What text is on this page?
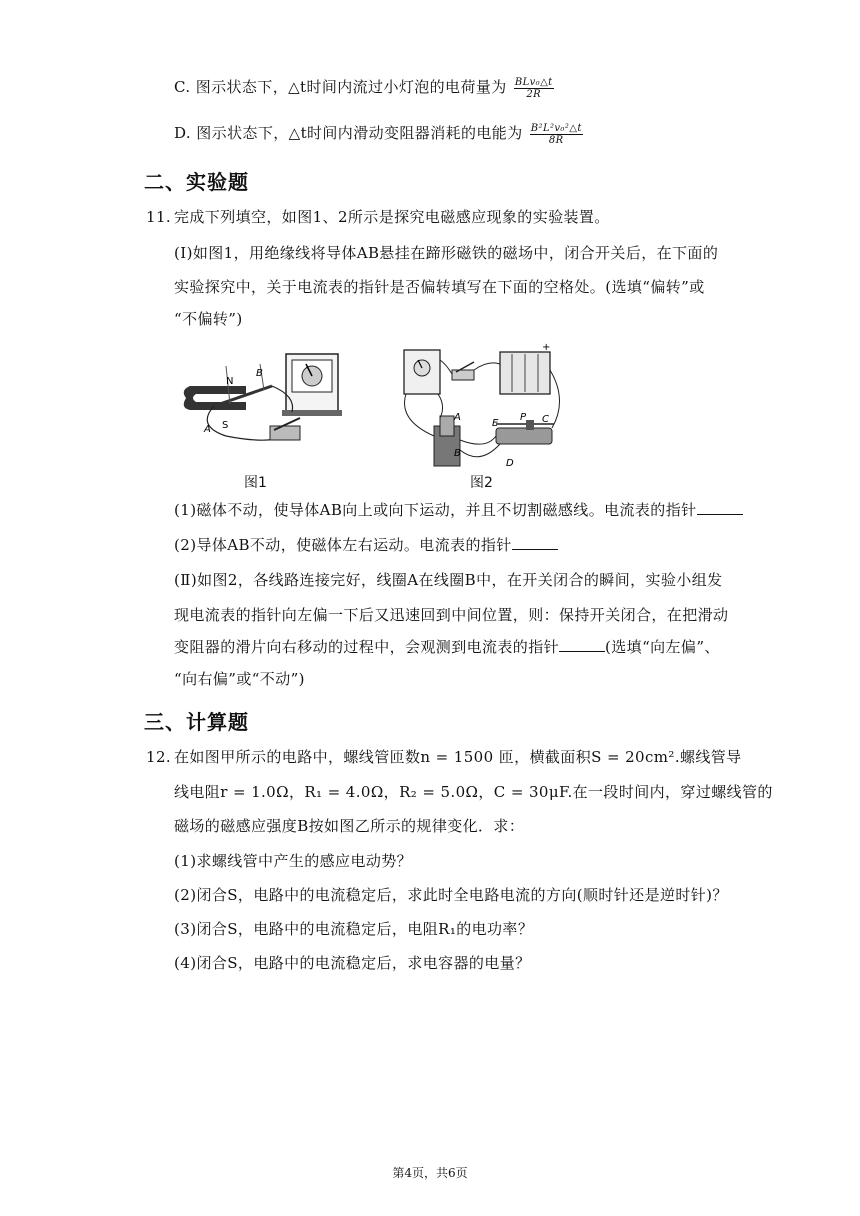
C. 图示状态下，△t时间内流过小灯泡的电荷量为 $\frac{\text{BLv₀△t}}{2R}$
D. 图示状态下，△t时间内滑动变阻器消耗的电能为 $\frac{\text{B²L²v₀²△t}}{8R}$
二、实验题
11. 完成下列填空，如图1、2所示是探究电磁感应现象的实验装置。
(Ⅰ)如图1，用绝缘线将导体AB悬挂在蹄形磁铁的磁场中，闭合开关后，在下面的
实验探究中，关于电流表的指针是否偏转填写在下面的空格处。(选填“偏转”或
“不偏转”)
N
B
A S
图1
+
A
B
E
P C
D
图2
(1)磁体不动，使导体AB向上或向下运动，并且不切割磁感线。电流表的指针
(2)导体AB不动，使磁体左右运动。电流表的指针
(Ⅱ)如图2，各线路连接完好，线圈A在线圈B中，在开关闭合的瞬间，实验小组发
现电流表的指针向左偏一下后又迅速回到中间位置，则：保持开关闭合，在把滑动
变阻器的滑片向右移动的过程中，会观测到电流表的指针	(选填“向左偏”、
“向右偏”或“不动”)
三、计算题
12. 在如图甲所示的电路中，螺线管匝数n = 1500 匝，横截面积S = 20cm².螺线管导
线电阻r = 1.0Ω，R₁ = 4.0Ω，R₂ = 5.0Ω，C = 30μF.在一段时间内，穿过螺线管的
磁场的磁感应强度B按如图乙所示的规律变化．求：
(1)求螺线管中产生的感应电动势？
(2)闭合S，电路中的电流稳定后，求此时全电路电流的方向(顺时针还是逆时针)？
(3)闭合S，电路中的电流稳定后，电阻R₁的电功率？
(4)闭合S，电路中的电流稳定后，求电容器的电量？
第4页，共6页
